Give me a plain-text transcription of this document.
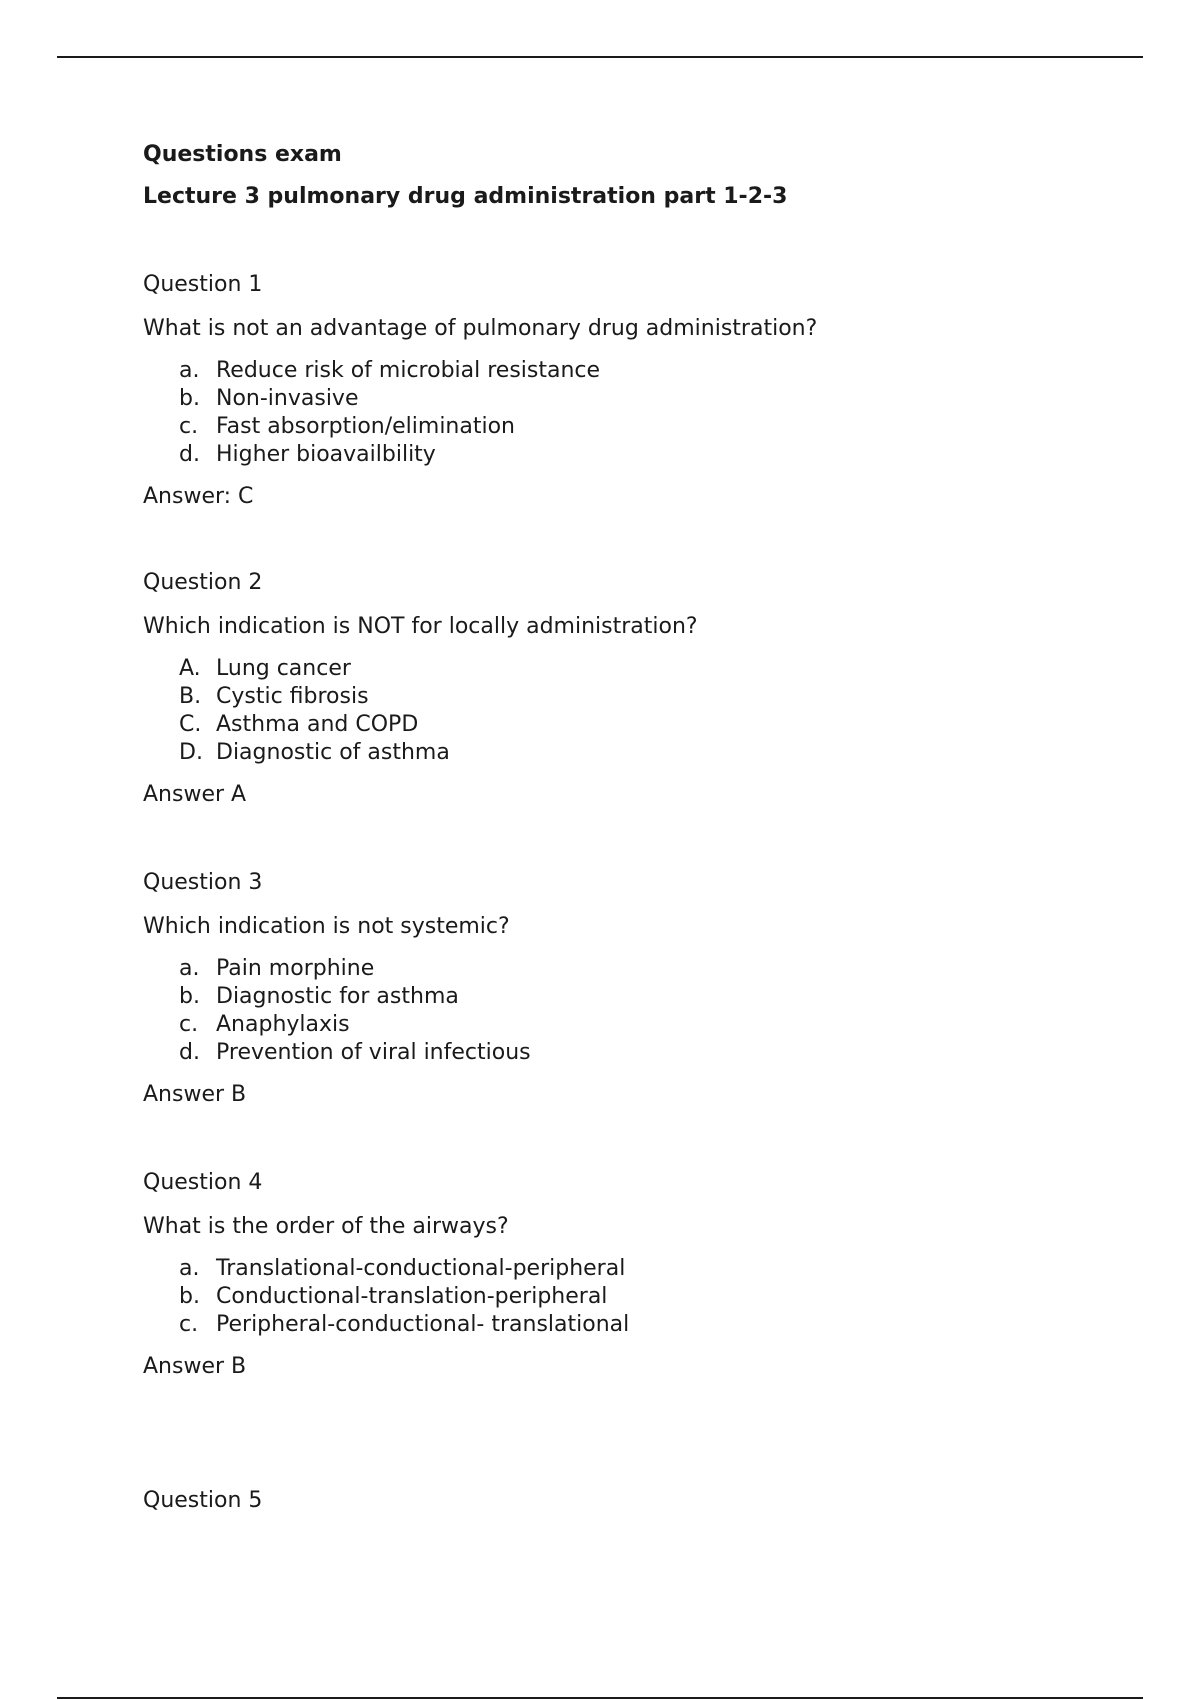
Questions exam

Lecture 3 pulmonary drug administration part 1-2-3

Question 1

What is not an advantage of pulmonary drug administration?

a. Reduce risk of microbial resistance
b. Non-invasive
c. Fast absorption/elimination
d. Higher bioavailbility

Answer: C

Question 2

Which indication is NOT for locally administration?

A. Lung cancer
B. Cystic fibrosis
C. Asthma and COPD
D. Diagnostic of asthma

Answer A

Question 3

Which indication is not systemic?

a. Pain morphine
b. Diagnostic for asthma
c. Anaphylaxis
d. Prevention of viral infectious

Answer B

Question 4

What is the order of the airways?

a. Translational-conductional-peripheral
b. Conductional-translation-peripheral
c. Peripheral-conductional- translational

Answer B

Question 5
